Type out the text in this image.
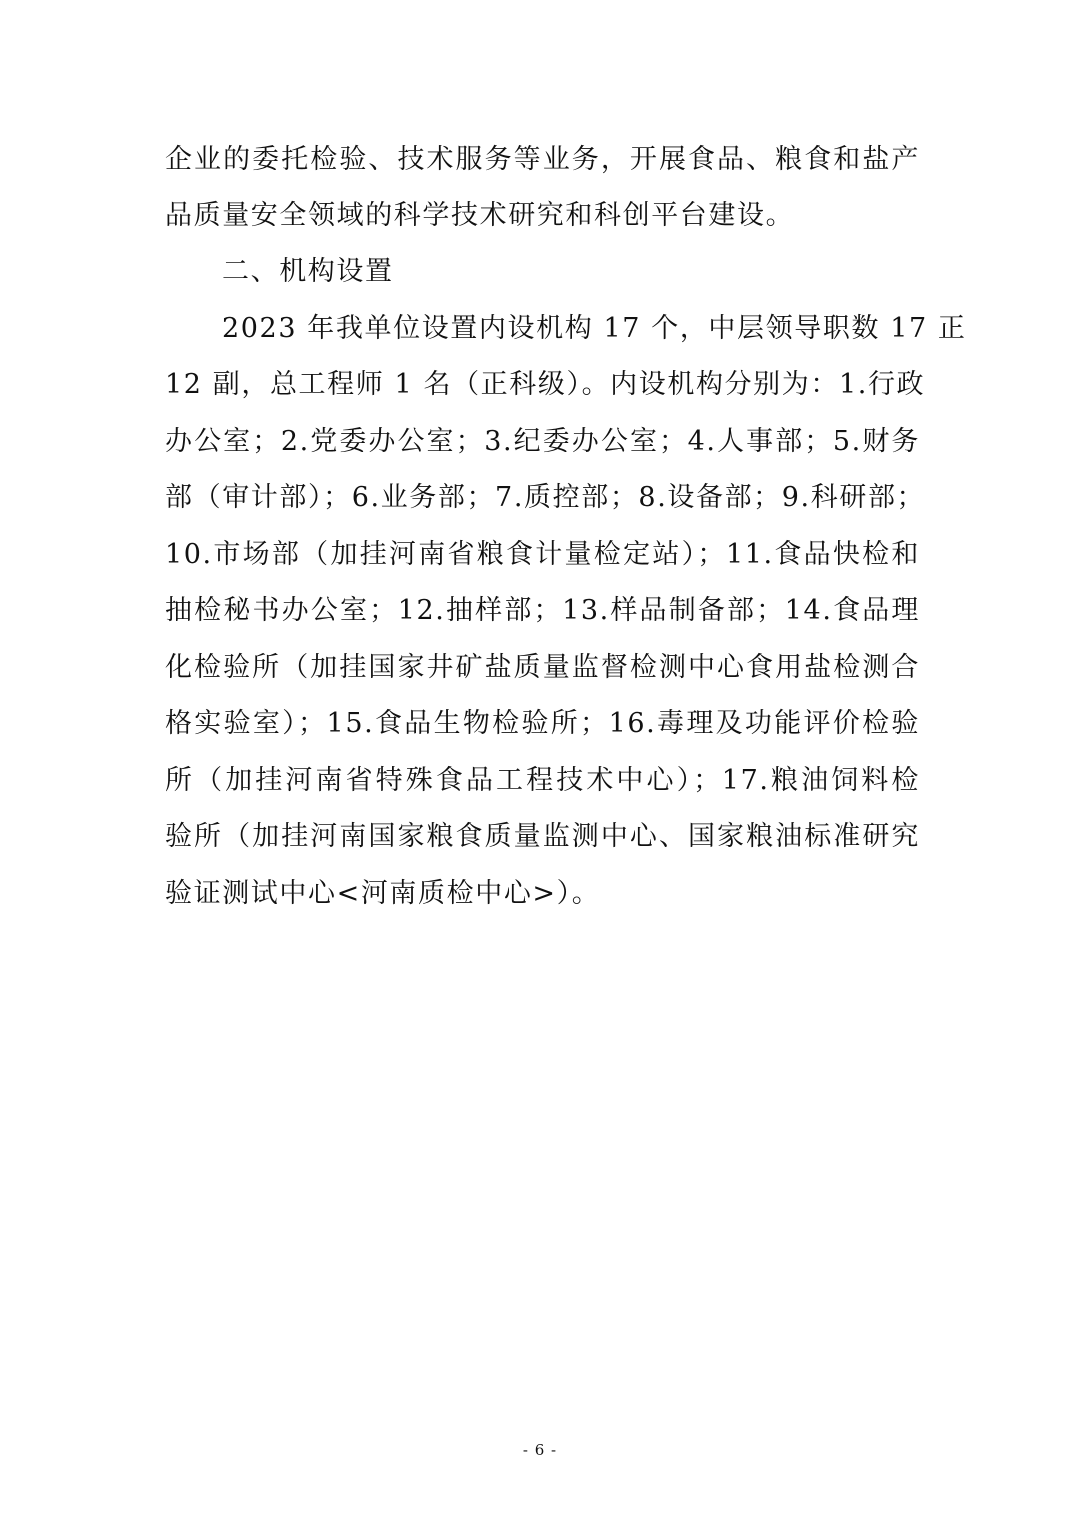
企业的委托检验、技术服务等业务，开展食品、粮食和盐产
品质量安全领域的科学技术研究和科创平台建设。
二、机构设置
2023 年我单位设置内设机构 17 个，中层领导职数 17 正
12 副，总工程师 1 名（正科级）。内设机构分别为：1.行政
办公室；2.党委办公室；3.纪委办公室；4.人事部；5.财务
部（审计部）；6.业务部；7.质控部；8.设备部；9.科研部；
10.市场部（加挂河南省粮食计量检定站）；11.食品快检和
抽检秘书办公室；12.抽样部；13.样品制备部；14.食品理
化检验所（加挂国家井矿盐质量监督检测中心食用盐检测合
格实验室）；15.食品生物检验所；16.毒理及功能评价检验
所（加挂河南省特殊食品工程技术中心）；17.粮油饲料检
验所（加挂河南国家粮食质量监测中心、国家粮油标准研究
验证测试中心<河南质检中心>）。
- 6 -
